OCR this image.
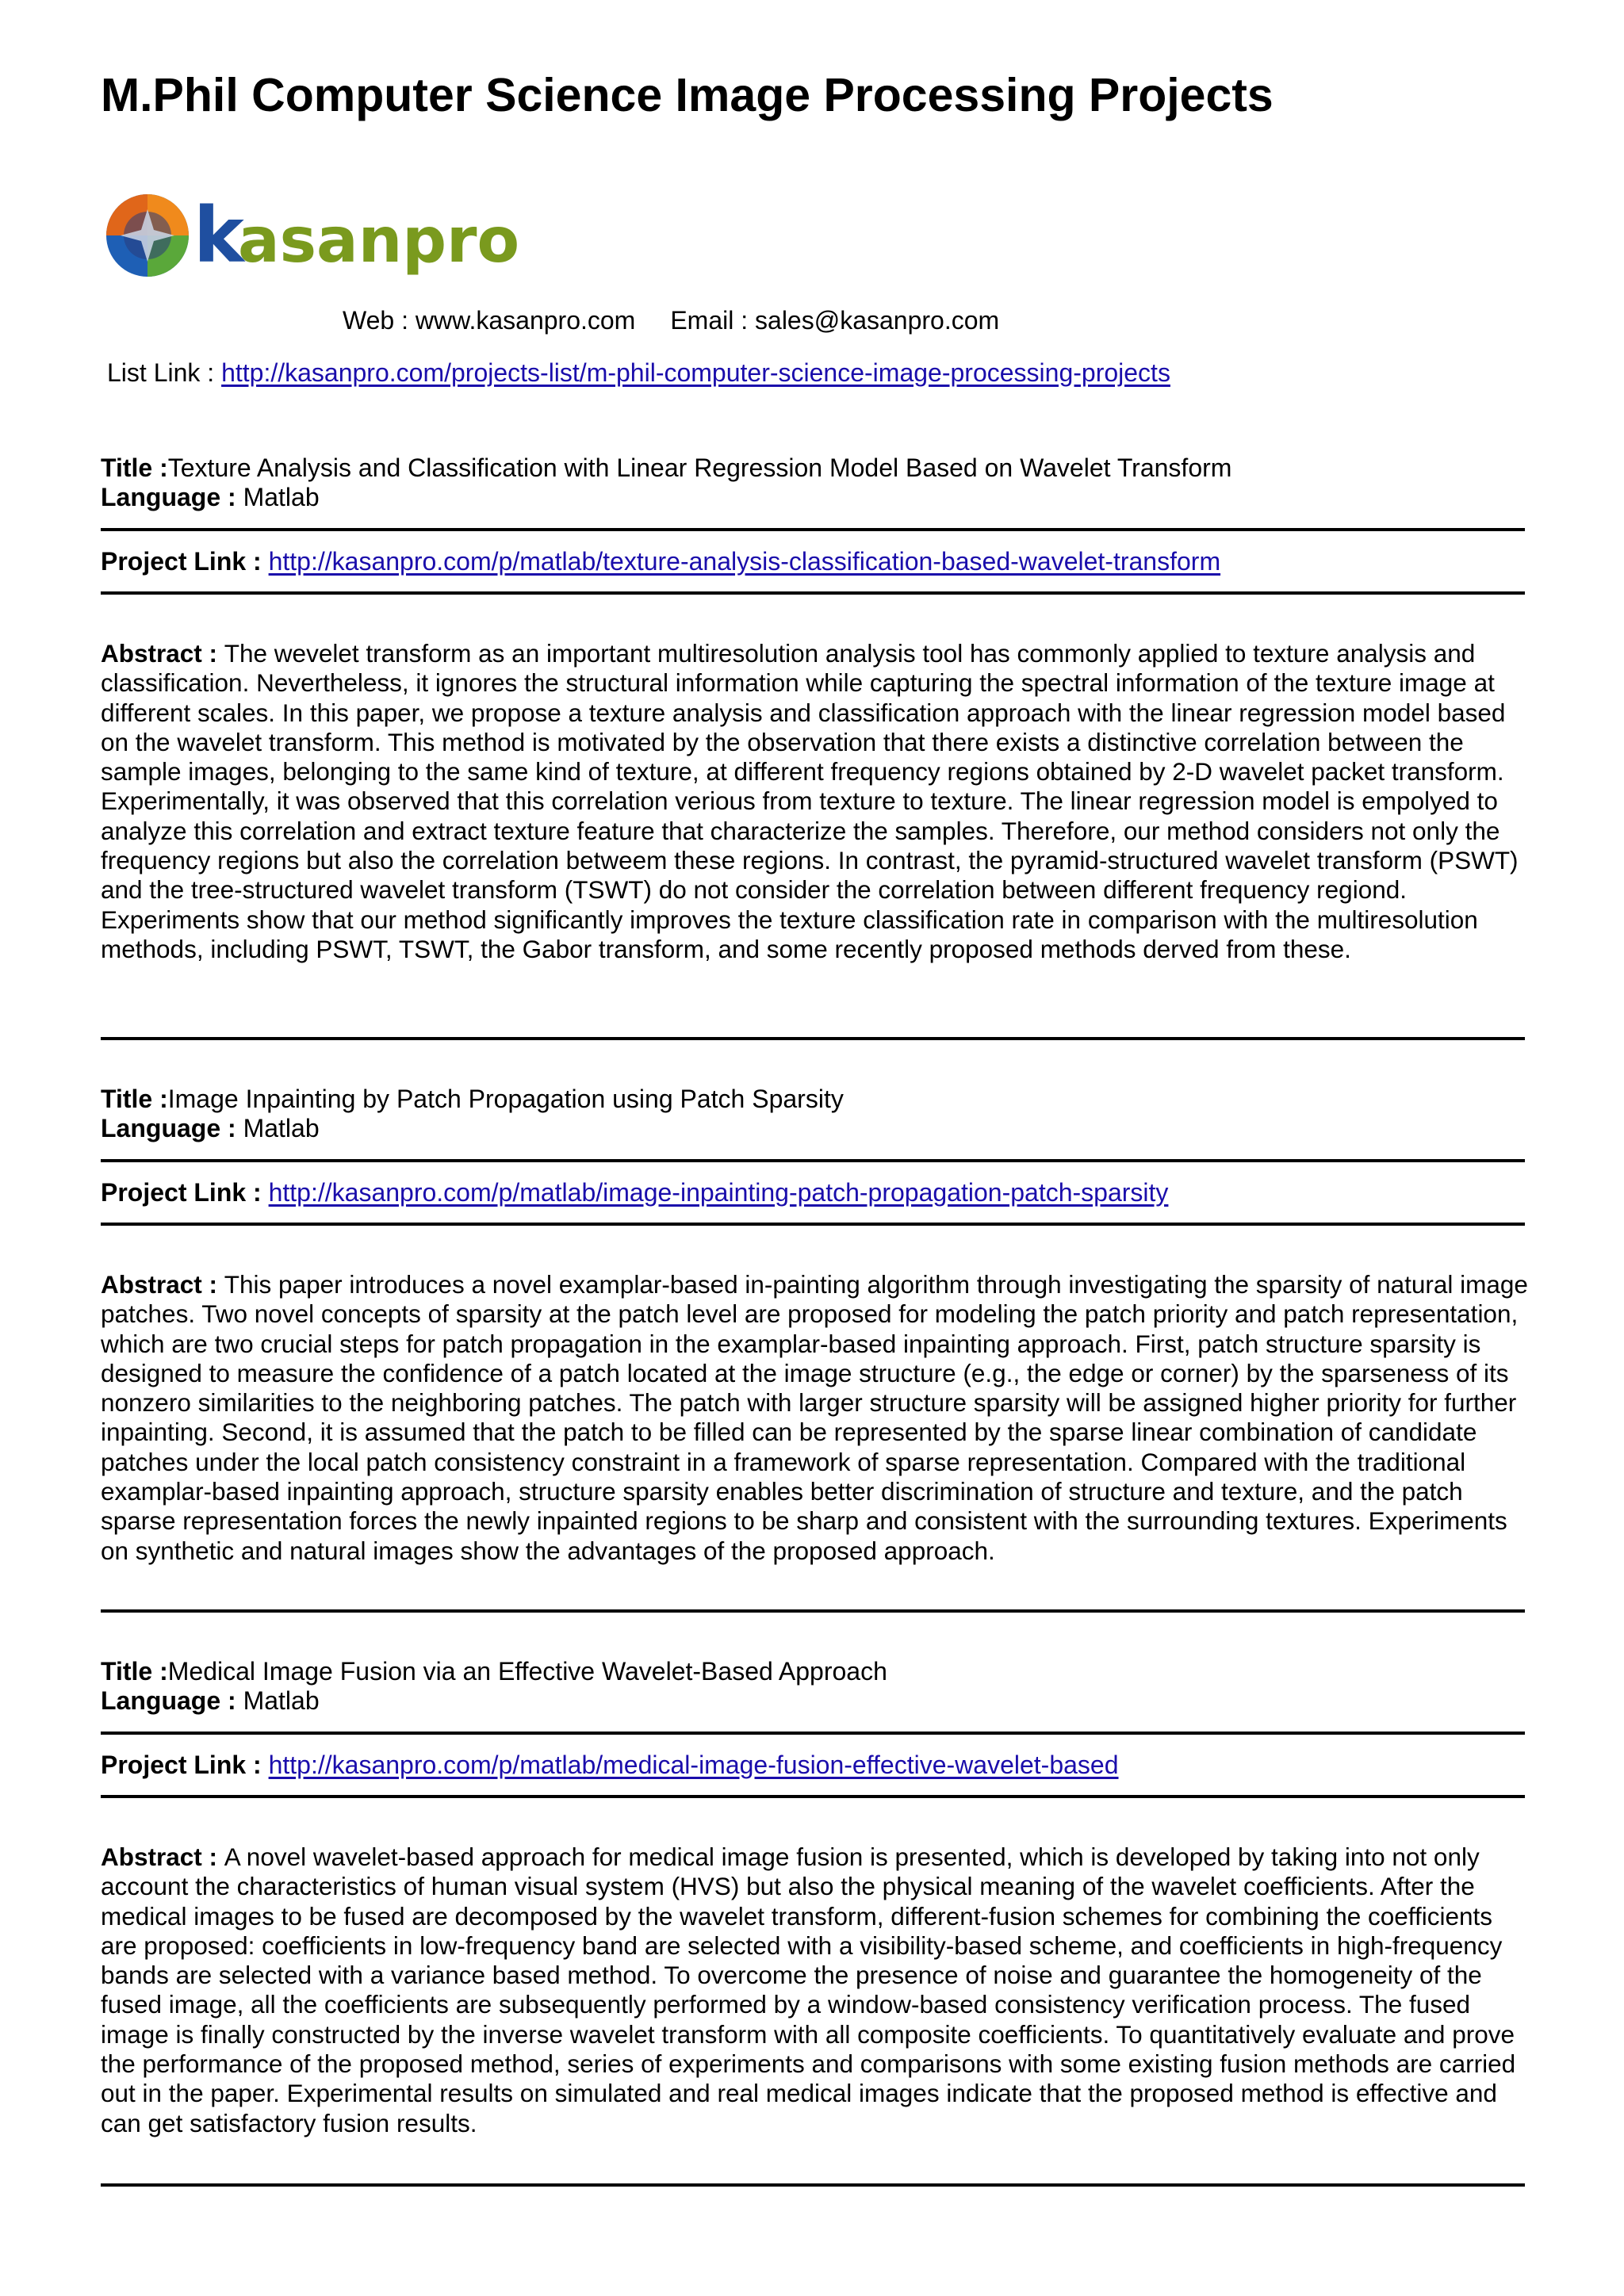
M.Phil Computer Science Image Processing Projects
k
asanpro
Web : www.kasanpro.com Email : sales@kasanpro.com
List Link : http://kasanpro.com/projects-list/m-phil-computer-science-image-processing-projects
Title :Texture Analysis and Classification with Linear Regression Model Based on Wavelet Transform
Language : Matlab
Project Link : http://kasanpro.com/p/matlab/texture-analysis-classification-based-wavelet-transform
Abstract : The wevelet transform as an important multiresolution analysis tool has commonly applied to texture analysis and classification. Nevertheless, it ignores the structural information while capturing the spectral information of the texture image at different scales. In this paper, we propose a texture analysis and classification approach with the linear regression model based on the wavelet transform. This method is motivated by the observation that there exists a distinctive correlation between the sample images, belonging to the same kind of texture, at different frequency regions obtained by 2-D wavelet packet transform. Experimentally, it was observed that this correlation verious from texture to texture. The linear regression model is empolyed to analyze this correlation and extract texture feature that characterize the samples. Therefore, our method considers not only the frequency regions but also the correlation betweem these regions. In contrast, the pyramid-structured wavelet transform (PSWT) and the tree-structured wavelet transform (TSWT) do not consider the correlation between different frequency regiond. Experiments show that our method significantly improves the texture classification rate in comparison with the multiresolution methods, including PSWT, TSWT, the Gabor transform, and some recently proposed methods derved from these.
Title :Image Inpainting by Patch Propagation using Patch Sparsity
Language : Matlab
Project Link : http://kasanpro.com/p/matlab/image-inpainting-patch-propagation-patch-sparsity
Abstract : This paper introduces a novel examplar-based in-painting algorithm through investigating the sparsity of natural image patches. Two novel concepts of sparsity at the patch level are proposed for modeling the patch priority and patch representation, which are two crucial steps for patch propagation in the examplar-based inpainting approach. First, patch structure sparsity is designed to measure the confidence of a patch located at the image structure (e.g., the edge or corner) by the sparseness of its nonzero similarities to the neighboring patches. The patch with larger structure sparsity will be assigned higher priority for further inpainting. Second, it is assumed that the patch to be filled can be represented by the sparse linear combination of candidate patches under the local patch consistency constraint in a framework of sparse representation. Compared with the traditional examplar-based inpainting approach, structure sparsity enables better discrimination of structure and texture, and the patch sparse representation forces the newly inpainted regions to be sharp and consistent with the surrounding textures. Experiments on synthetic and natural images show the advantages of the proposed approach.
Title :Medical Image Fusion via an Effective Wavelet-Based Approach
Language : Matlab
Project Link : http://kasanpro.com/p/matlab/medical-image-fusion-effective-wavelet-based
Abstract : A novel wavelet-based approach for medical image fusion is presented, which is developed by taking into not only account the characteristics of human visual system (HVS) but also the physical meaning of the wavelet coefficients. After the medical images to be fused are decomposed by the wavelet transform, different-fusion schemes for combining the coefficients are proposed: coefficients in low-frequency band are selected with a visibility-based scheme, and coefficients in high-frequency bands are selected with a variance based method. To overcome the presence of noise and guarantee the homogeneity of the fused image, all the coefficients are subsequently performed by a window-based consistency verification process. The fused image is finally constructed by the inverse wavelet transform with all composite coefficients. To quantitatively evaluate and prove the performance of the proposed method, series of experiments and comparisons with some existing fusion methods are carried out in the paper. Experimental results on simulated and real medical images indicate that the proposed method is effective and can get satisfactory fusion results.
